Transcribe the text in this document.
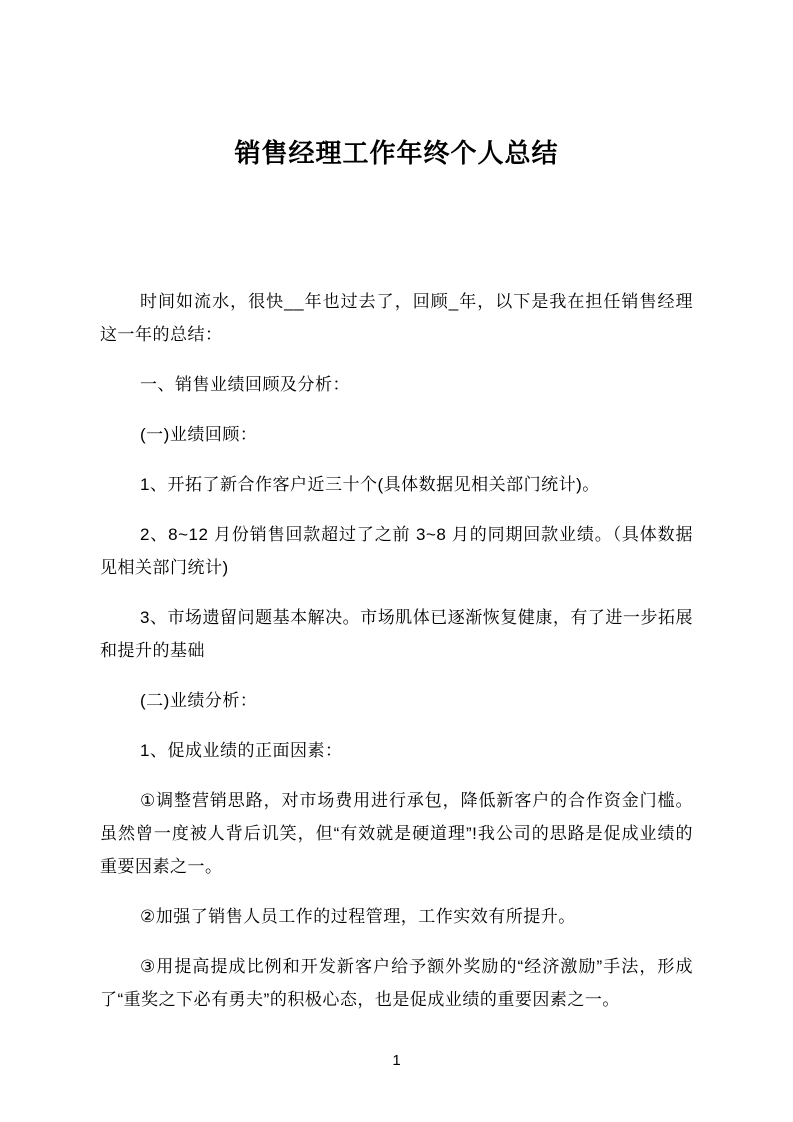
销售经理工作年终个人总结

时间如流水，很快__年也过去了，回顾_年，以下是我在担任销售经理这一年的总结：

一、销售业绩回顾及分析：

(一)业绩回顾：

1、开拓了新合作客户近三十个(具体数据见相关部门统计)。

2、8~12 月份销售回款超过了之前 3~8 月的同期回款业绩。（具体数据见相关部门统计)

3、市场遗留问题基本解决。市场肌体已逐渐恢复健康，有了进一步拓展和提升的基础

(二)业绩分析：

1、促成业绩的正面因素：

①调整营销思路，对市场费用进行承包，降低新客户的合作资金门槛。虽然曾一度被人背后讥笑，但“有效就是硬道理”!我公司的思路是促成业绩的重要因素之一。

②加强了销售人员工作的过程管理，工作实效有所提升。

③用提高提成比例和开发新客户给予额外奖励的“经济激励”手法，形成了“重奖之下必有勇夫”的积极心态，也是促成业绩的重要因素之一。

1
